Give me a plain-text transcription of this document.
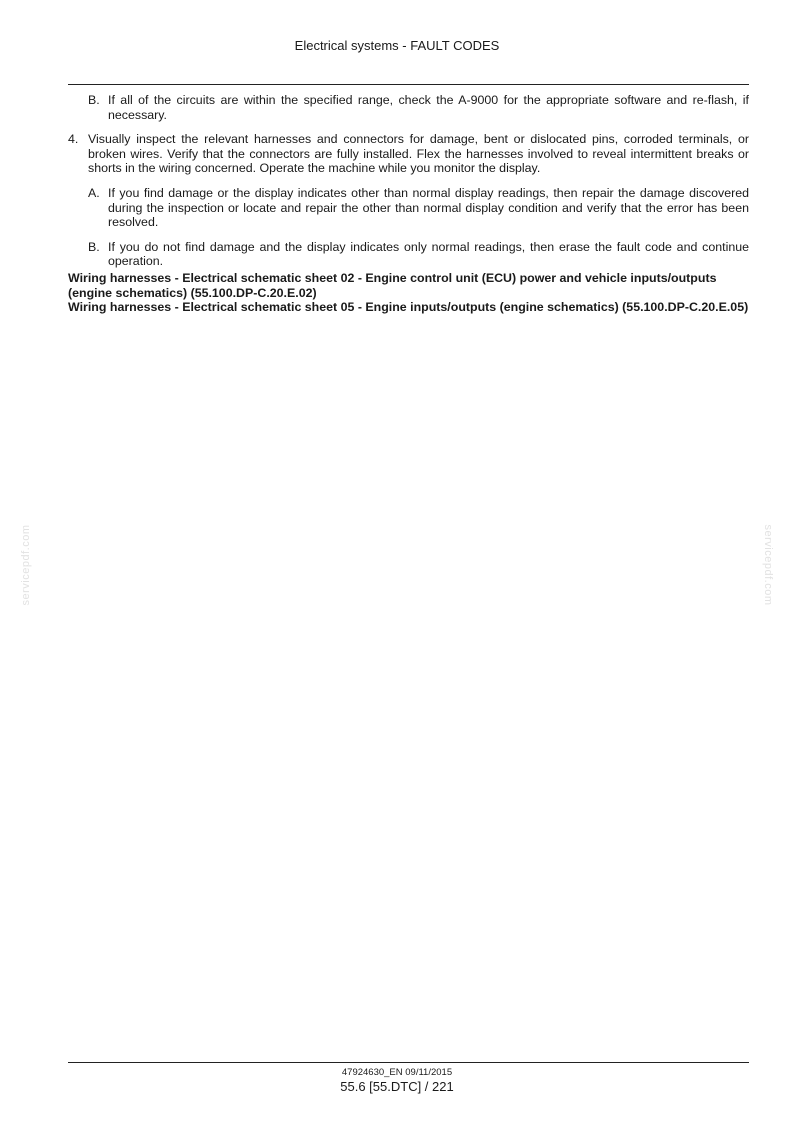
Electrical systems - FAULT CODES
B. If all of the circuits are within the specified range, check the A-9000 for the appropriate software and re-flash, if necessary.
4. Visually inspect the relevant harnesses and connectors for damage, bent or dislocated pins, corroded terminals, or broken wires. Verify that the connectors are fully installed. Flex the harnesses involved to reveal intermittent breaks or shorts in the wiring concerned. Operate the machine while you monitor the display.
A. If you find damage or the display indicates other than normal display readings, then repair the damage discovered during the inspection or locate and repair the other than normal display condition and verify that the error has been resolved.
B. If you do not find damage and the display indicates only normal readings, then erase the fault code and continue operation.
Wiring harnesses - Electrical schematic sheet 02 - Engine control unit (ECU) power and vehicle inputs/outputs (engine schematics) (55.100.DP-C.20.E.02)
Wiring harnesses - Electrical schematic sheet 05 - Engine inputs/outputs (engine schematics) (55.100.DP-C.20.E.05)
servicepdf.com	servicepdf.com
47924630_EN 09/11/2015
55.6 [55.DTC] / 221
